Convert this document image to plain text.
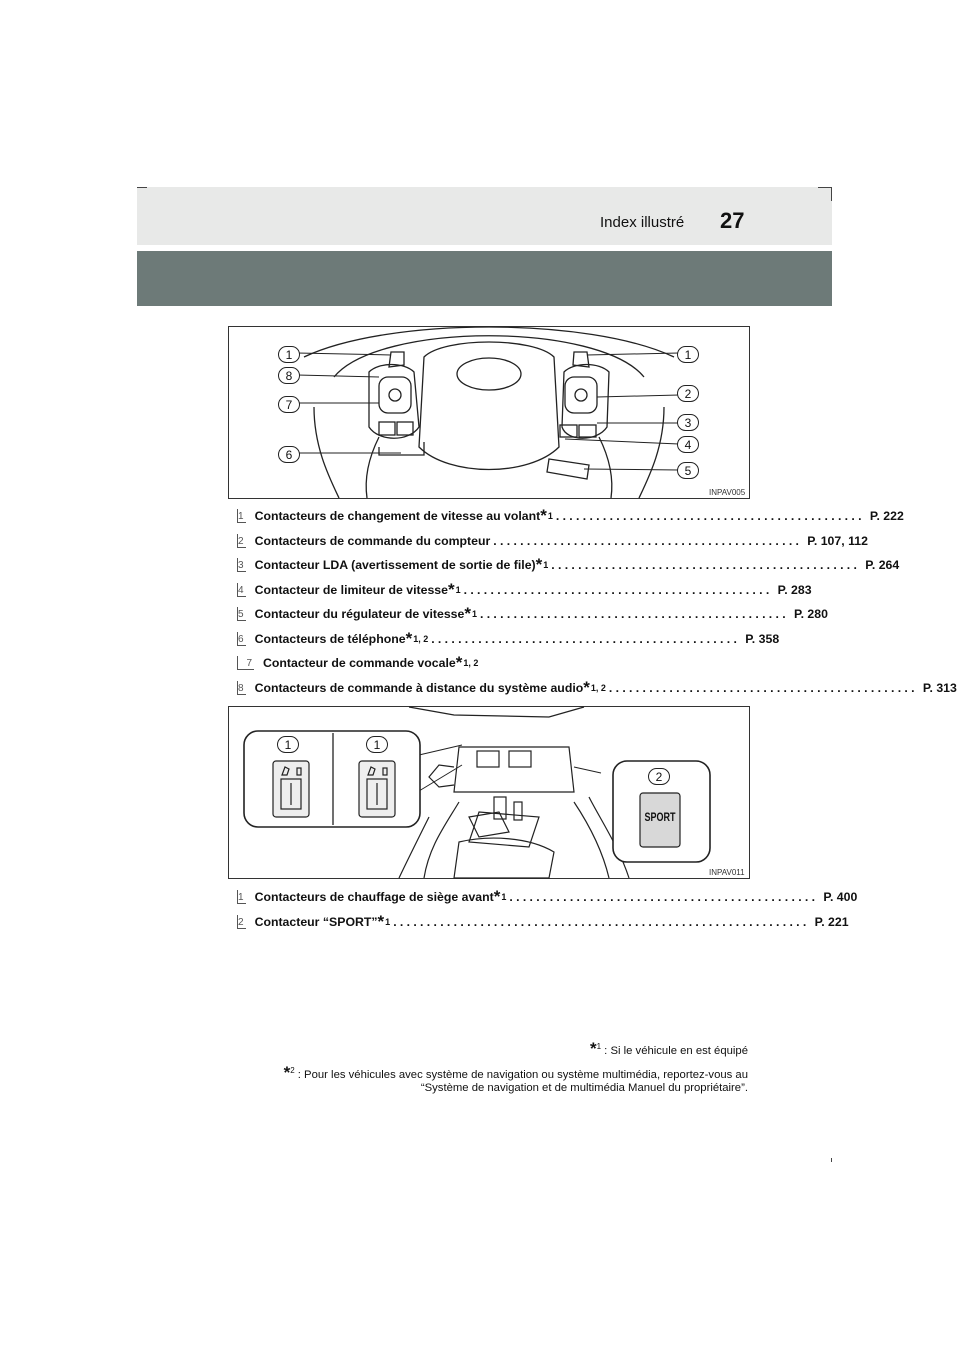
Index illustré	27
1
8
7
6
1
2
3
4
5
INPAV005
1 Contacteurs de changement de vitesse au volant * 1 .............................................. P. 222
2 Contacteurs de commande du compteur .............................................. P. 107, 112
3 Contacteur LDA (avertissement de sortie de file) * 1 .............................................. P. 264
4 Contacteur de limiteur de vitesse * 1 .............................................. P. 283
5 Contacteur du régulateur de vitesse * 1 .............................................. P. 280
6 Contacteurs de téléphone * 1, 2 .............................................. P. 358
7 Contacteur de commande vocale * 1, 2
8 Contacteurs de commande à distance du système audio * 1, 2 .............................................. P. 313
1	1
2
SPORT
INPAV011
1 Contacteurs de chauffage de siège avant * 1 .............................................. P. 400
2 Contacteur “SPORT” * 1 .............................................................. P. 221
*$^1$ : Si le véhicule en est équipé
*$^2$ : Pour les véhicules avec système de navigation ou système multimédia, reportez-vous au
“Système de navigation et de multimédia Manuel du propriétaire”.
